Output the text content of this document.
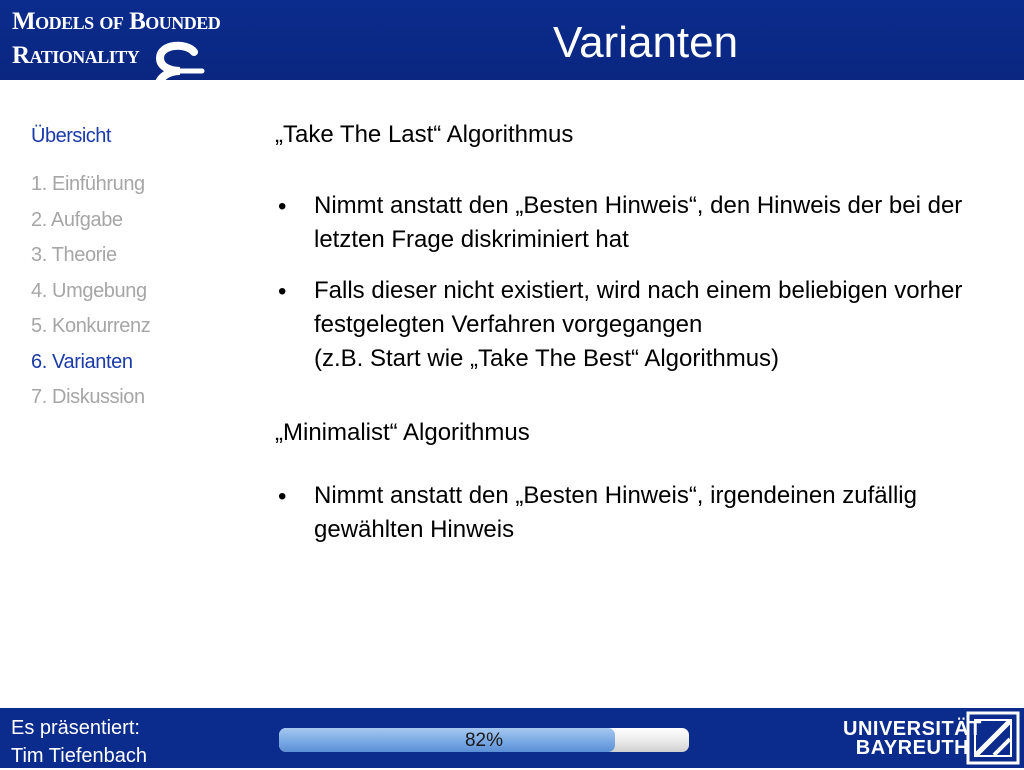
Models of Bounded
Rationality	Varianten
Übersicht
1. Einführung
2. Aufgabe
3. Theorie
4. Umgebung
5. Konkurrenz
6. Varianten
7. Diskussion
„Take The Last“ Algorithmus
• Nimmt anstatt den „Besten Hinweis“, den Hinweis der bei der letzten Frage diskriminiert hat
• Falls dieser nicht existiert, wird nach einem beliebigen vorher festgelegten Verfahren vorgegangen
(z.B. Start wie „Take The Best“ Algorithmus)
„Minimalist“ Algorithmus
• Nimmt anstatt den „Besten Hinweis“, irgendeinen zufällig gewählten Hinweis
Es präsentiert:
Tim Tiefenbach
82%
UNIVERSITÄT
BAYREUTH
